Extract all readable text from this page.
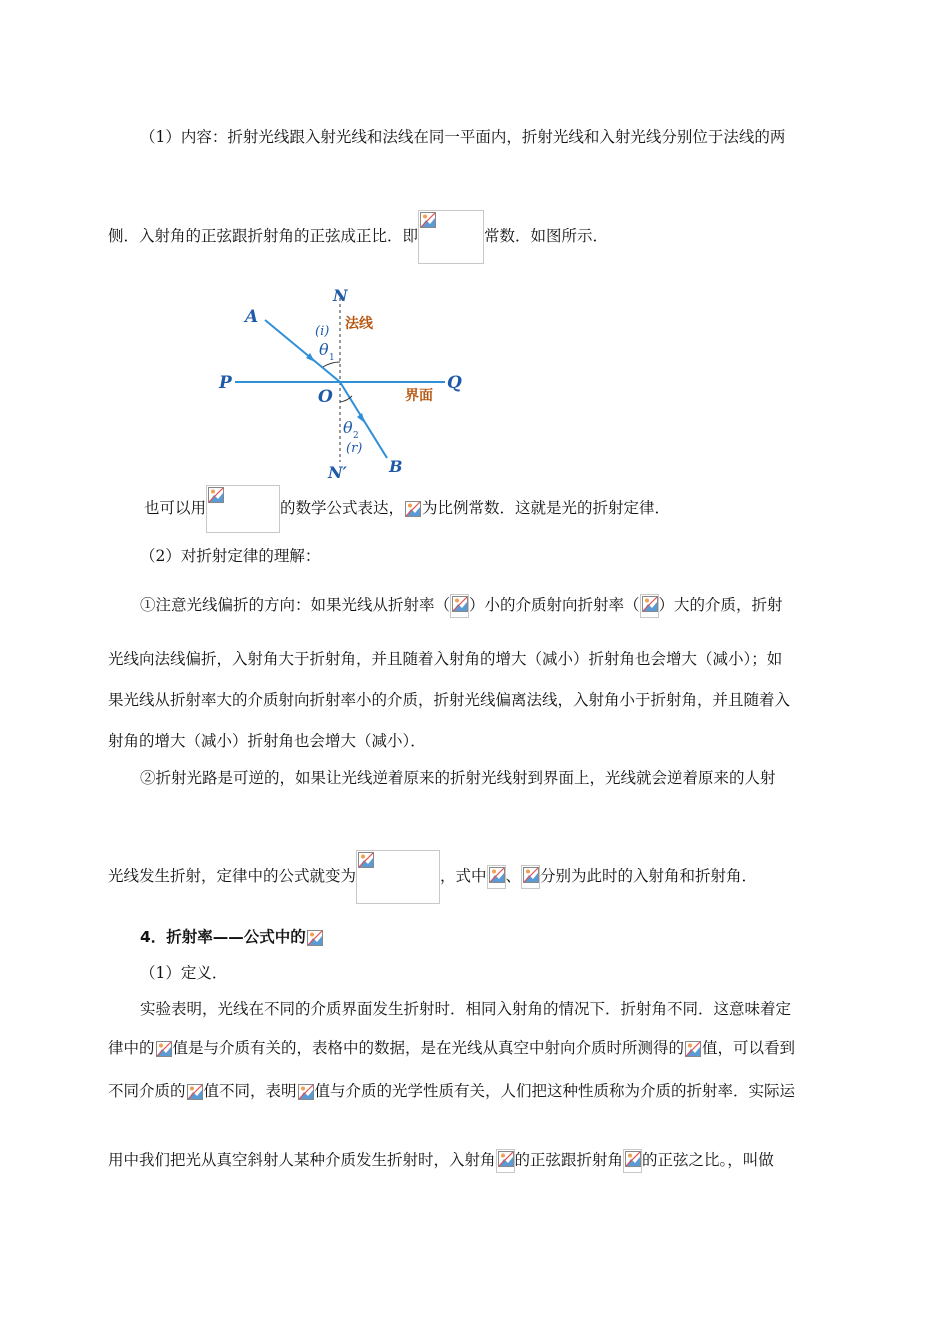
（1）内容：折射光线跟入射光线和法线在同一平面内，折射光线和入射光线分别位于法线的两
侧．入射角的正弦跟折射角的正弦成正比．即	常数．如图所示．
N
A
P
O
Q
N′	B
法线
界面
(i)
θ 1
θ 2
(r)
也可以用	的数学公式表达， 为比例常数．这就是光的折射定律．
（2）对折射定律的理解：
①注意光线偏折的方向：如果光线从折射率（ ）小的介质射向折射率（ ）大的介质，折射
光线向法线偏折，入射角大于折射角，并且随着入射角的增大（减小）折射角也会增大（减小）；如
果光线从折射率大的介质射向折射率小的介质，折射光线偏离法线，入射角小于折射角，并且随着入
射角的增大（减小）折射角也会增大（减小）．
②折射光路是可逆的，如果让光线逆着原来的折射光线射到界面上，光线就会逆着原来的人射
光线发生折射，定律中的公式就变为	，式中 、 分别为此时的入射角和折射角．
4．折射率——公式中的
（1）定义．
实验表明，光线在不同的介质界面发生折射时．相同入射角的情况下．折射角不同．这意味着定
律中的 值是与介质有关的，表格中的数据，是在光线从真空中射向介质时所测得的 值，可以看到
不同介质的 值不同，表明 值与介质的光学性质有关，人们把这种性质称为介质的折射率．实际运
用中我们把光从真空斜射人某种介质发生折射时，入射角 的正弦跟折射角 的正弦之比。，叫做
